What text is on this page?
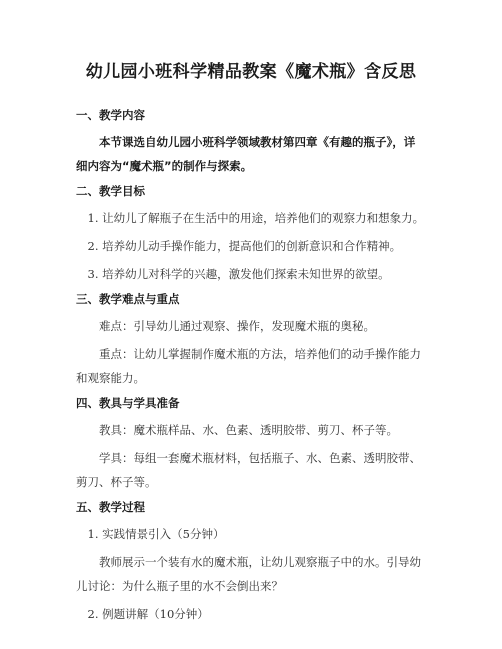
幼儿园小班科学精品教案《魔术瓶》含反思
一、教学内容

本节课选自幼儿园小班科学领域教材第四章《有趣的瓶子》，详细内容为“魔术瓶”的制作与探索。

二、教学目标

1. 让幼儿了解瓶子在生活中的用途，培养他们的观察力和想象力。

2. 培养幼儿动手操作能力，提高他们的创新意识和合作精神。

3. 培养幼儿对科学的兴趣，激发他们探索未知世界的欲望。

三、教学难点与重点

难点：引导幼儿通过观察、操作，发现魔术瓶的奥秘。

重点：让幼儿掌握制作魔术瓶的方法，培养他们的动手操作能力和观察能力。

四、教具与学具准备

教具：魔术瓶样品、水、色素、透明胶带、剪刀、杯子等。

学具：每组一套魔术瓶材料，包括瓶子、水、色素、透明胶带、剪刀、杯子等。

五、教学过程

1. 实践情景引入（5分钟）

教师展示一个装有水的魔术瓶，让幼儿观察瓶子中的水。引导幼儿讨论：为什么瓶子里的水不会倒出来？

2. 例题讲解（10分钟）
